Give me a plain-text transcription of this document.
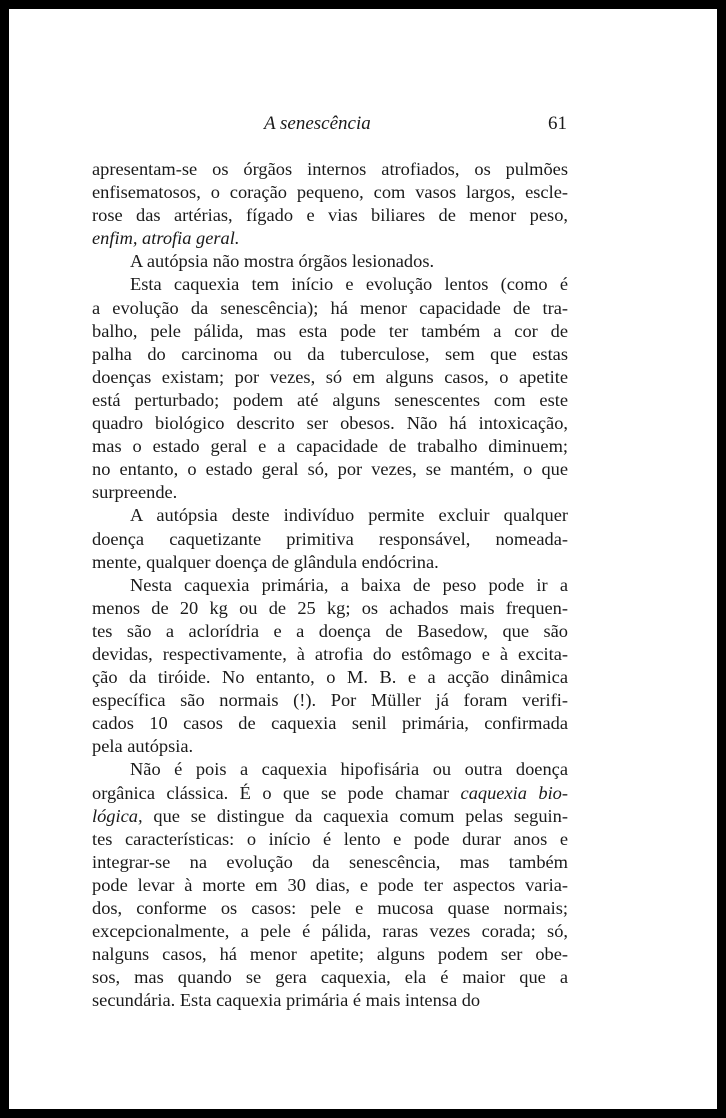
A senescência	61
apresentam-se os órgãos internos atrofiados, os pulmões
enfisematosos, o coração pequeno, com vasos largos, escle-
rose das artérias, fígado e vias biliares de menor peso,
enfim, atrofia geral.
A autópsia não mostra órgãos lesionados.
Esta caquexia tem início e evolução lentos (como é
a evolução da senescência); há menor capacidade de tra-
balho, pele pálida, mas esta pode ter também a cor de
palha do carcinoma ou da tuberculose, sem que estas
doenças existam; por vezes, só em alguns casos, o apetite
está perturbado; podem até alguns senescentes com este
quadro biológico descrito ser obesos. Não há intoxicação,
mas o estado geral e a capacidade de trabalho diminuem;
no entanto, o estado geral só, por vezes, se mantém, o que
surpreende.
A autópsia deste indivíduo permite excluir qualquer
doença caquetizante primitiva responsável, nomeada-
mente, qualquer doença de glândula endócrina.
Nesta caquexia primária, a baixa de peso pode ir a
menos de 20 kg ou de 25 kg; os achados mais frequen-
tes são a aclorídria e a doença de Basedow, que são
devidas, respectivamente, à atrofia do estômago e à excita-
ção da tiróide. No entanto, o M. B. e a acção dinâmica
específica são normais (!). Por Müller já foram verifi-
cados 10 casos de caquexia senil primária, confirmada
pela autópsia.
Não é pois a caquexia hipofisária ou outra doença
orgânica clássica. É o que se pode chamar caquexia bio-
lógica, que se distingue da caquexia comum pelas seguin-
tes características: o início é lento e pode durar anos e
integrar-se na evolução da senescência, mas também
pode levar à morte em 30 dias, e pode ter aspectos varia-
dos, conforme os casos: pele e mucosa quase normais;
excepcionalmente, a pele é pálida, raras vezes corada; só,
nalguns casos, há menor apetite; alguns podem ser obe-
sos, mas quando se gera caquexia, ela é maior que a
secundária. Esta caquexia primária é mais intensa do
